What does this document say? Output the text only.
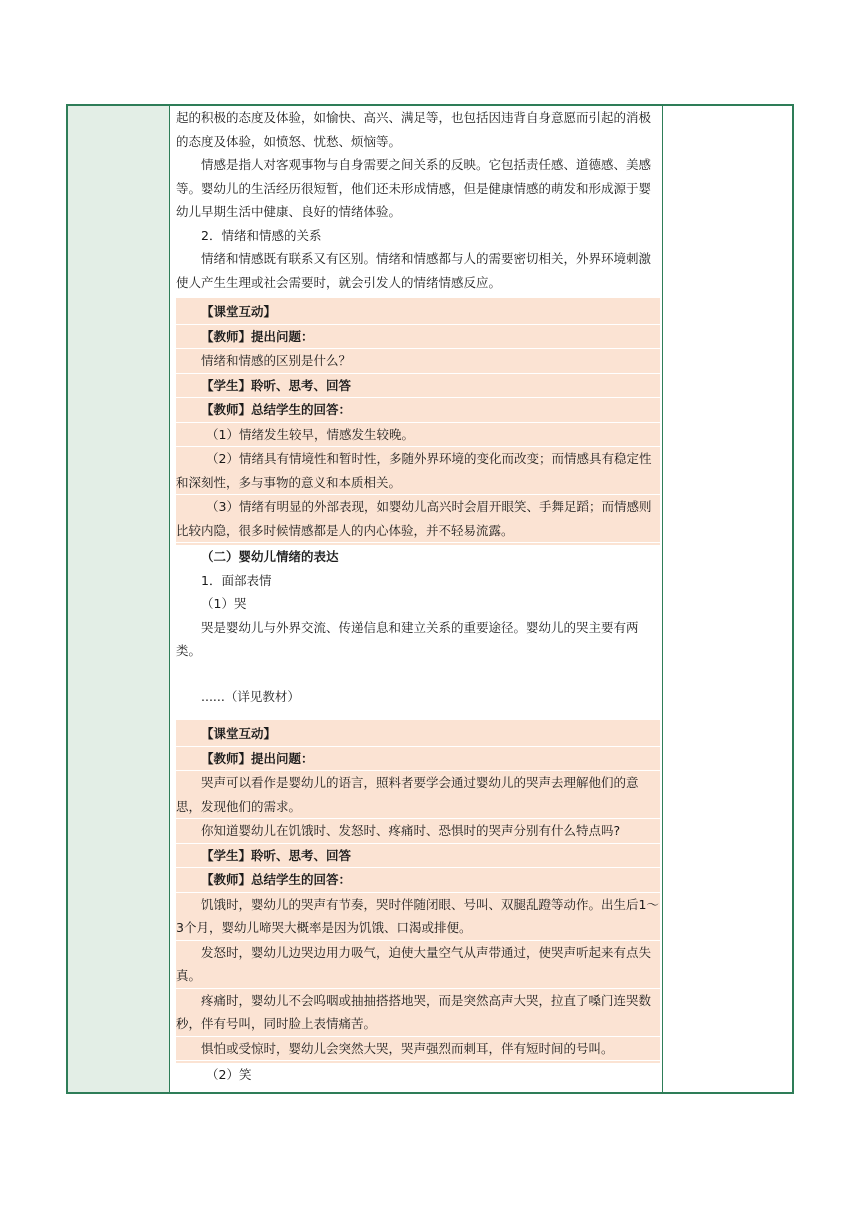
起的积极的态度及体验，如愉快、高兴、满足等，也包括因违背自身意愿而引起的消极的态度及体验，如愤怒、忧愁、烦恼等。

情感是指人对客观事物与自身需要之间关系的反映。它包括责任感、道德感、美感等。婴幼儿的生活经历很短暂，他们还未形成情感，但是健康情感的萌发和形成源于婴幼儿早期生活中健康、良好的情绪体验。

2．情绪和情感的关系

情绪和情感既有联系又有区别。情绪和情感都与人的需要密切相关，外界环境刺激使人产生生理或社会需要时，就会引发人的情绪情感反应。

【课堂互动】

【教师】提出问题：

情绪和情感的区别是什么？

【学生】聆听、思考、回答

【教师】总结学生的回答：

（1）情绪发生较早，情感发生较晚。

（2）情绪具有情境性和暂时性，多随外界环境的变化而改变；而情感具有稳定性和深刻性，多与事物的意义和本质相关。

（3）情绪有明显的外部表现，如婴幼儿高兴时会眉开眼笑、手舞足蹈；而情感则比较内隐，很多时候情感都是人的内心体验，并不轻易流露。

（二）婴幼儿情绪的表达

1．面部表情

（1）哭

哭是婴幼儿与外界交流、传递信息和建立关系的重要途径。婴幼儿的哭主要有两类。

......（详见教材）

【课堂互动】

【教师】提出问题：

哭声可以看作是婴幼儿的语言，照料者要学会通过婴幼儿的哭声去理解他们的意思，发现他们的需求。

你知道婴幼儿在饥饿时、发怒时、疼痛时、恐惧时的哭声分别有什么特点吗?

【学生】聆听、思考、回答

【教师】总结学生的回答：

饥饿时，婴幼儿的哭声有节奏，哭时伴随闭眼、号叫、双腿乱蹬等动作。出生后1～3个月，婴幼儿啼哭大概率是因为饥饿、口渴或排便。

发怒时，婴幼儿边哭边用力吸气，迫使大量空气从声带通过，使哭声听起来有点失真。

疼痛时，婴幼儿不会呜咽或抽抽搭搭地哭，而是突然高声大哭，拉直了嗓门连哭数秒，伴有号叫，同时脸上表情痛苦。

惧怕或受惊时，婴幼儿会突然大哭，哭声强烈而刺耳，伴有短时间的号叫。

（2）笑
